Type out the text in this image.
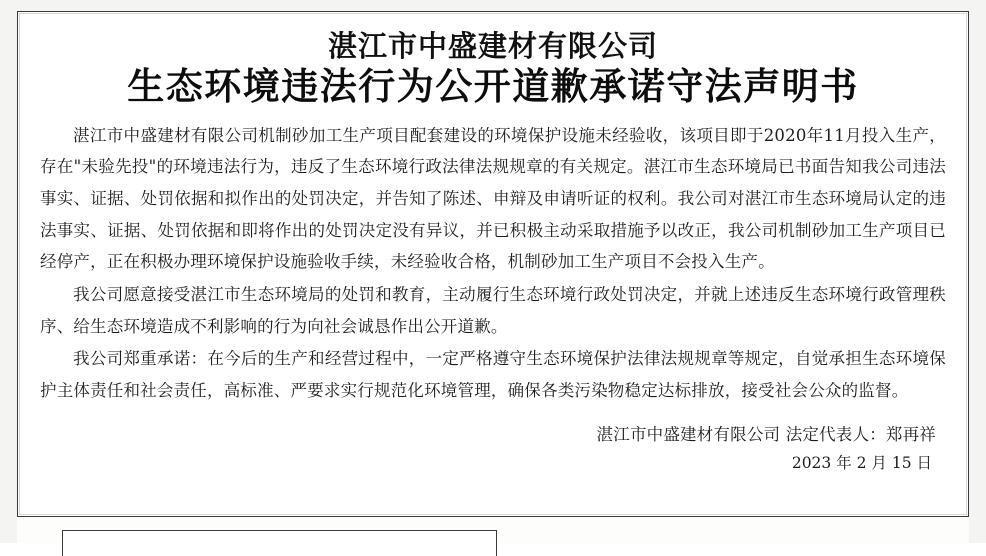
湛江市中盛建材有限公司
生态环境违法行为公开道歉承诺守法声明书

湛江市中盛建材有限公司机制砂加工生产项目配套建设的环境保护设施未经验收，该项目即于2020年11月投入生产，存在"未验先投"的环境违法行为，违反了生态环境行政法律法规规章的有关规定。湛江市生态环境局已书面告知我公司违法事实、证据、处罚依据和拟作出的处罚决定，并告知了陈述、申辩及申请听证的权利。我公司对湛江市生态环境局认定的违法事实、证据、处罚依据和即将作出的处罚决定没有异议，并已积极主动采取措施予以改正，我公司机制砂加工生产项目已经停产，正在积极办理环境保护设施验收手续，未经验收合格，机制砂加工生产项目不会投入生产。

我公司愿意接受湛江市生态环境局的处罚和教育，主动履行生态环境行政处罚决定，并就上述违反生态环境行政管理秩序、给生态环境造成不利影响的行为向社会诚恳作出公开道歉。

我公司郑重承诺：在今后的生产和经营过程中，一定严格遵守生态环境保护法律法规规章等规定，自觉承担生态环境保护主体责任和社会责任，高标准、严要求实行规范化环境管理，确保各类污染物稳定达标排放，接受社会公众的监督。

湛江市中盛建材有限公司 法定代表人：郑再祥
2023 年 2 月 15 日
